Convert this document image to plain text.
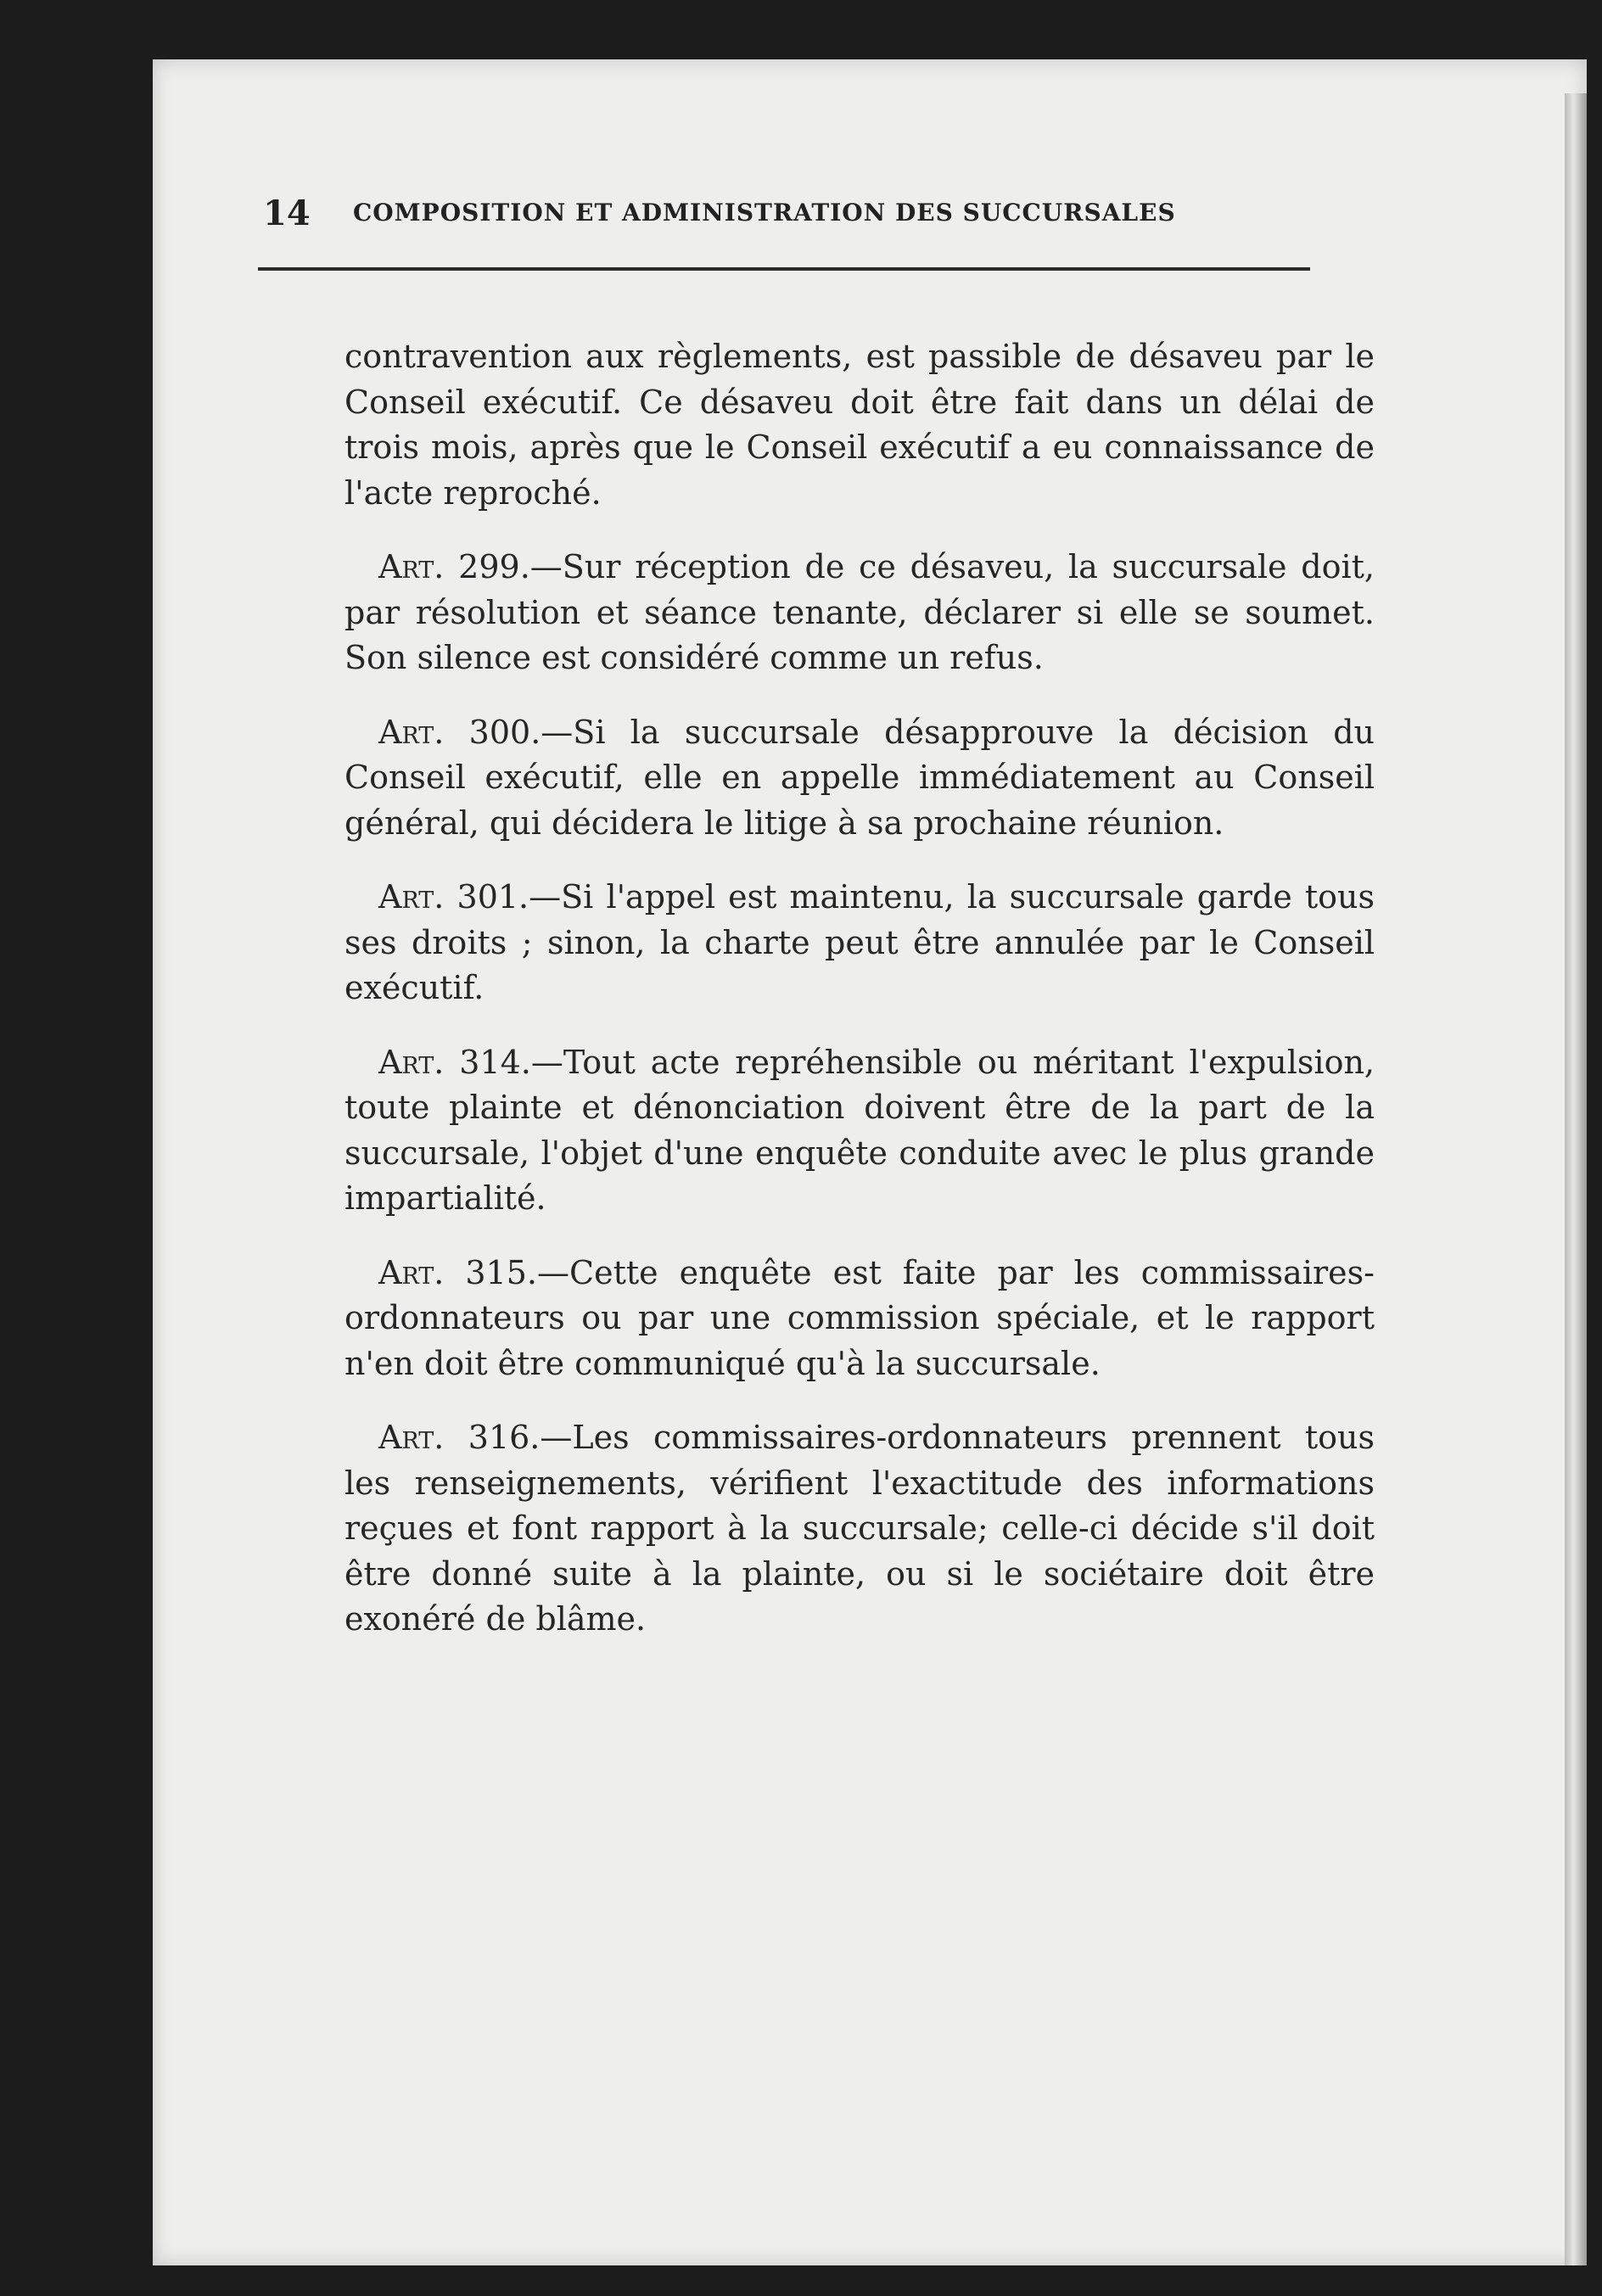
14 COMPOSITION ET ADMINISTRATION DES SUCCURSALES

contravention aux règlements, est passible de désaveu par le Conseil exécutif. Ce désaveu doit être fait dans un délai de trois mois, après que le Conseil exécutif a eu connaissance de l'acte reproché.

Art. 299.—Sur réception de ce désaveu, la succursale doit, par résolution et séance tenante, déclarer si elle se soumet. Son silence est considéré comme un refus.

Art. 300.—Si la succursale désapprouve la décision du Conseil exécutif, elle en appelle immédiatement au Conseil général, qui décidera le litige à sa prochaine réunion.

Art. 301.—Si l'appel est maintenu, la succursale garde tous ses droits ; sinon, la charte peut être annulée par le Conseil exécutif.

Art. 314.—Tout acte repréhensible ou méritant l'expulsion, toute plainte et dénonciation doivent être de la part de la succursale, l'objet d'une enquête conduite avec le plus grande impartialité.

Art. 315.—Cette enquête est faite par les commissaires-ordonnateurs ou par une commission spéciale, et le rapport n'en doit être communiqué qu'à la succursale.

Art. 316.—Les commissaires-ordonnateurs prennent tous les renseignements, vérifient l'exactitude des informations reçues et font rapport à la succursale; celle-ci décide s'il doit être donné suite à la plainte, ou si le sociétaire doit être exonéré de blâme.
